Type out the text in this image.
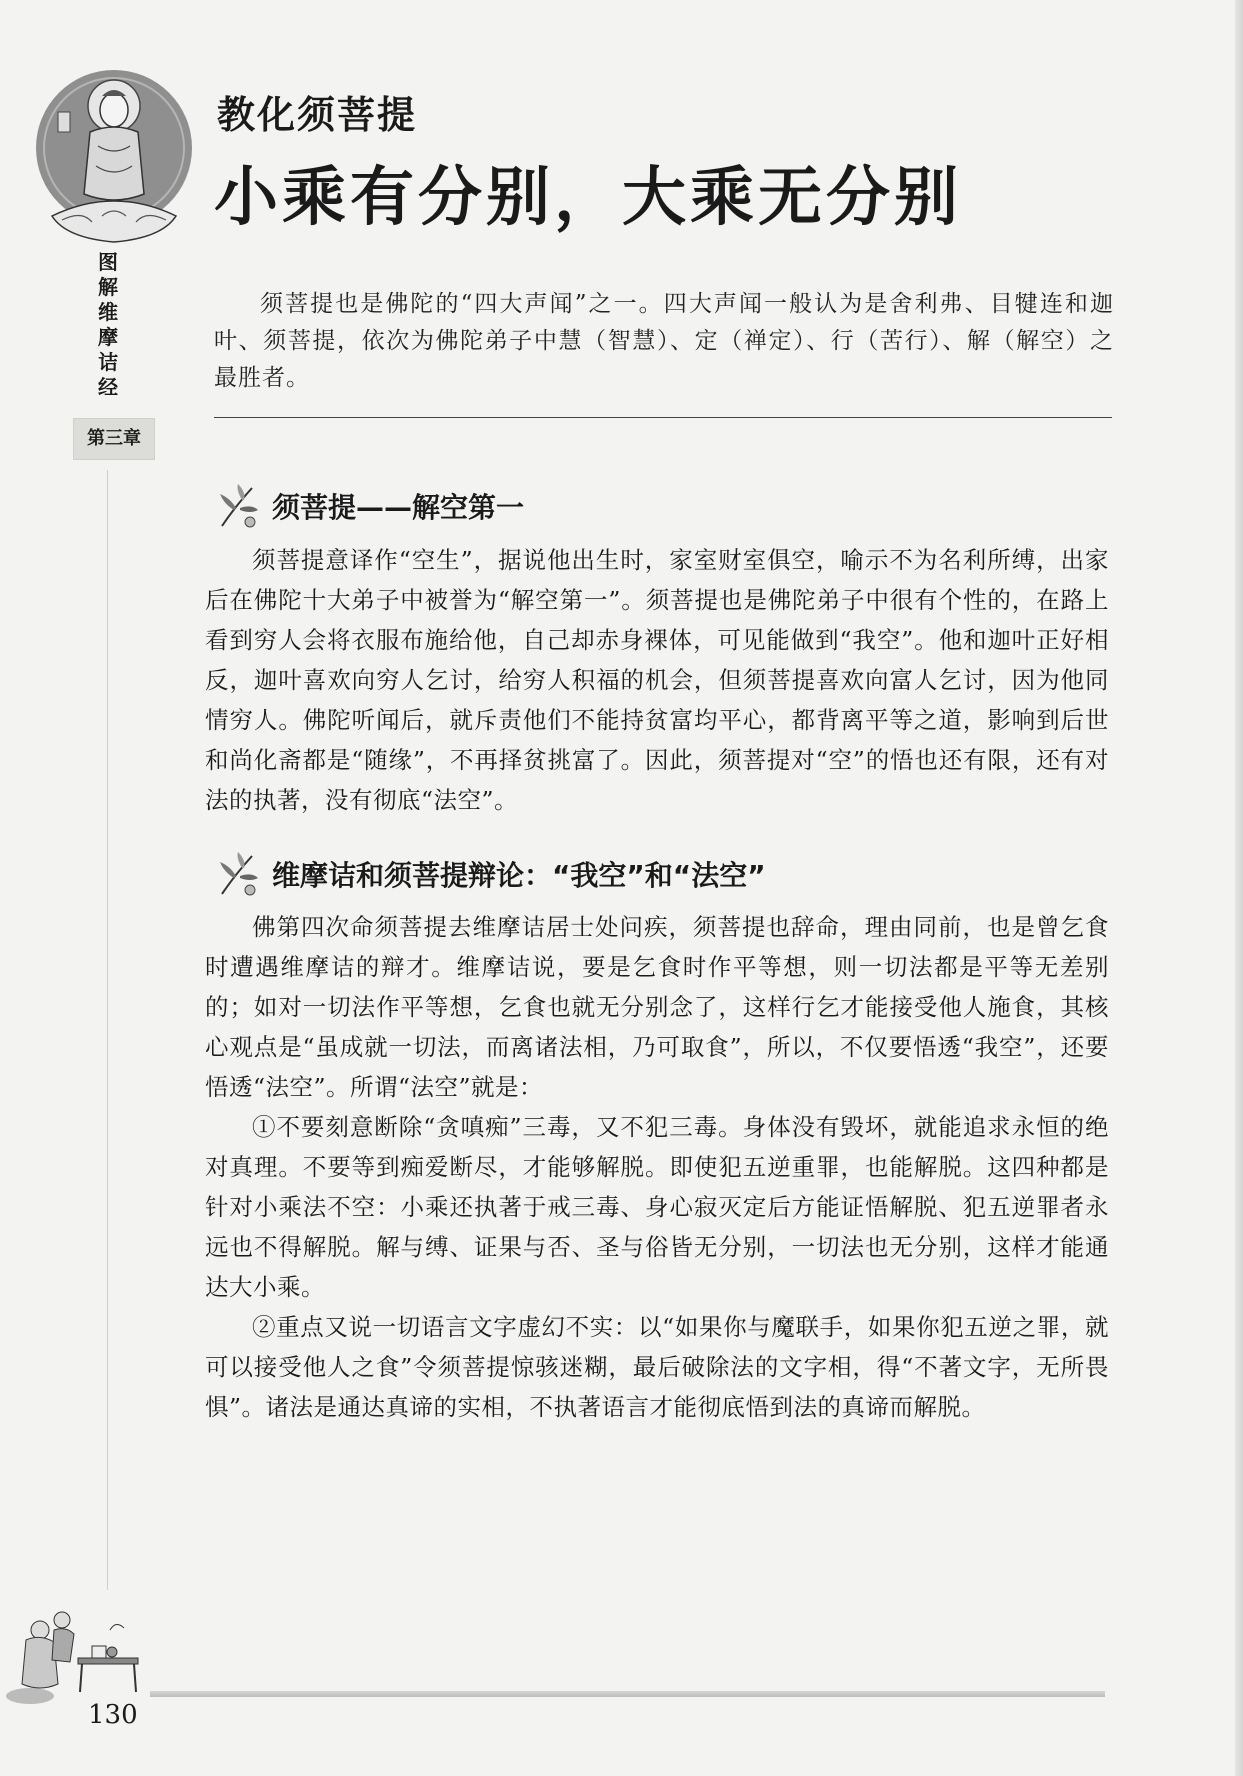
图
解
维
摩
诘
经
第三章
教化须菩提
小乘有分别，大乘无分别
须菩提也是佛陀的“四大声闻”之一。四大声闻一般认为是舍利弗、目犍连和迦叶、须菩提，依次为佛陀弟子中慧（智慧）、定（禅定）、行（苦行）、解（解空）之最胜者。
须菩提——解空第一

须菩提意译作“空生”，据说他出生时，家室财室俱空，喻示不为名利所缚，出家后在佛陀十大弟子中被誉为“解空第一”。须菩提也是佛陀弟子中很有个性的，在路上看到穷人会将衣服布施给他，自己却赤身裸体，可见能做到“我空”。他和迦叶正好相反，迦叶喜欢向穷人乞讨，给穷人积福的机会，但须菩提喜欢向富人乞讨，因为他同情穷人。佛陀听闻后，就斥责他们不能持贫富均平心，都背离平等之道，影响到后世和尚化斋都是“随缘”，不再择贫挑富了。因此，须菩提对“空”的悟也还有限，还有对法的执著，没有彻底“法空”。

维摩诘和须菩提辩论：“我空”和“法空”

佛第四次命须菩提去维摩诘居士处问疾，须菩提也辞命，理由同前，也是曾乞食时遭遇维摩诘的辩才。维摩诘说，要是乞食时作平等想，则一切法都是平等无差别的；如对一切法作平等想，乞食也就无分别念了，这样行乞才能接受他人施食，其核心观点是“虽成就一切法，而离诸法相，乃可取食”，所以，不仅要悟透“我空”，还要悟透“法空”。所谓“法空”就是：

①不要刻意断除“贪嗔痴”三毒，又不犯三毒。身体没有毁坏，就能追求永恒的绝对真理。不要等到痴爱断尽，才能够解脱。即使犯五逆重罪，也能解脱。这四种都是针对小乘法不空：小乘还执著于戒三毒、身心寂灭定后方能证悟解脱、犯五逆罪者永远也不得解脱。解与缚、证果与否、圣与俗皆无分别，一切法也无分别，这样才能通达大小乘。

②重点又说一切语言文字虚幻不实：以“如果你与魔联手，如果你犯五逆之罪，就可以接受他人之食”令须菩提惊骇迷糊，最后破除法的文字相，得“不著文字，无所畏惧”。诸法是通达真谛的实相，不执著语言才能彻底悟到法的真谛而解脱。

130
